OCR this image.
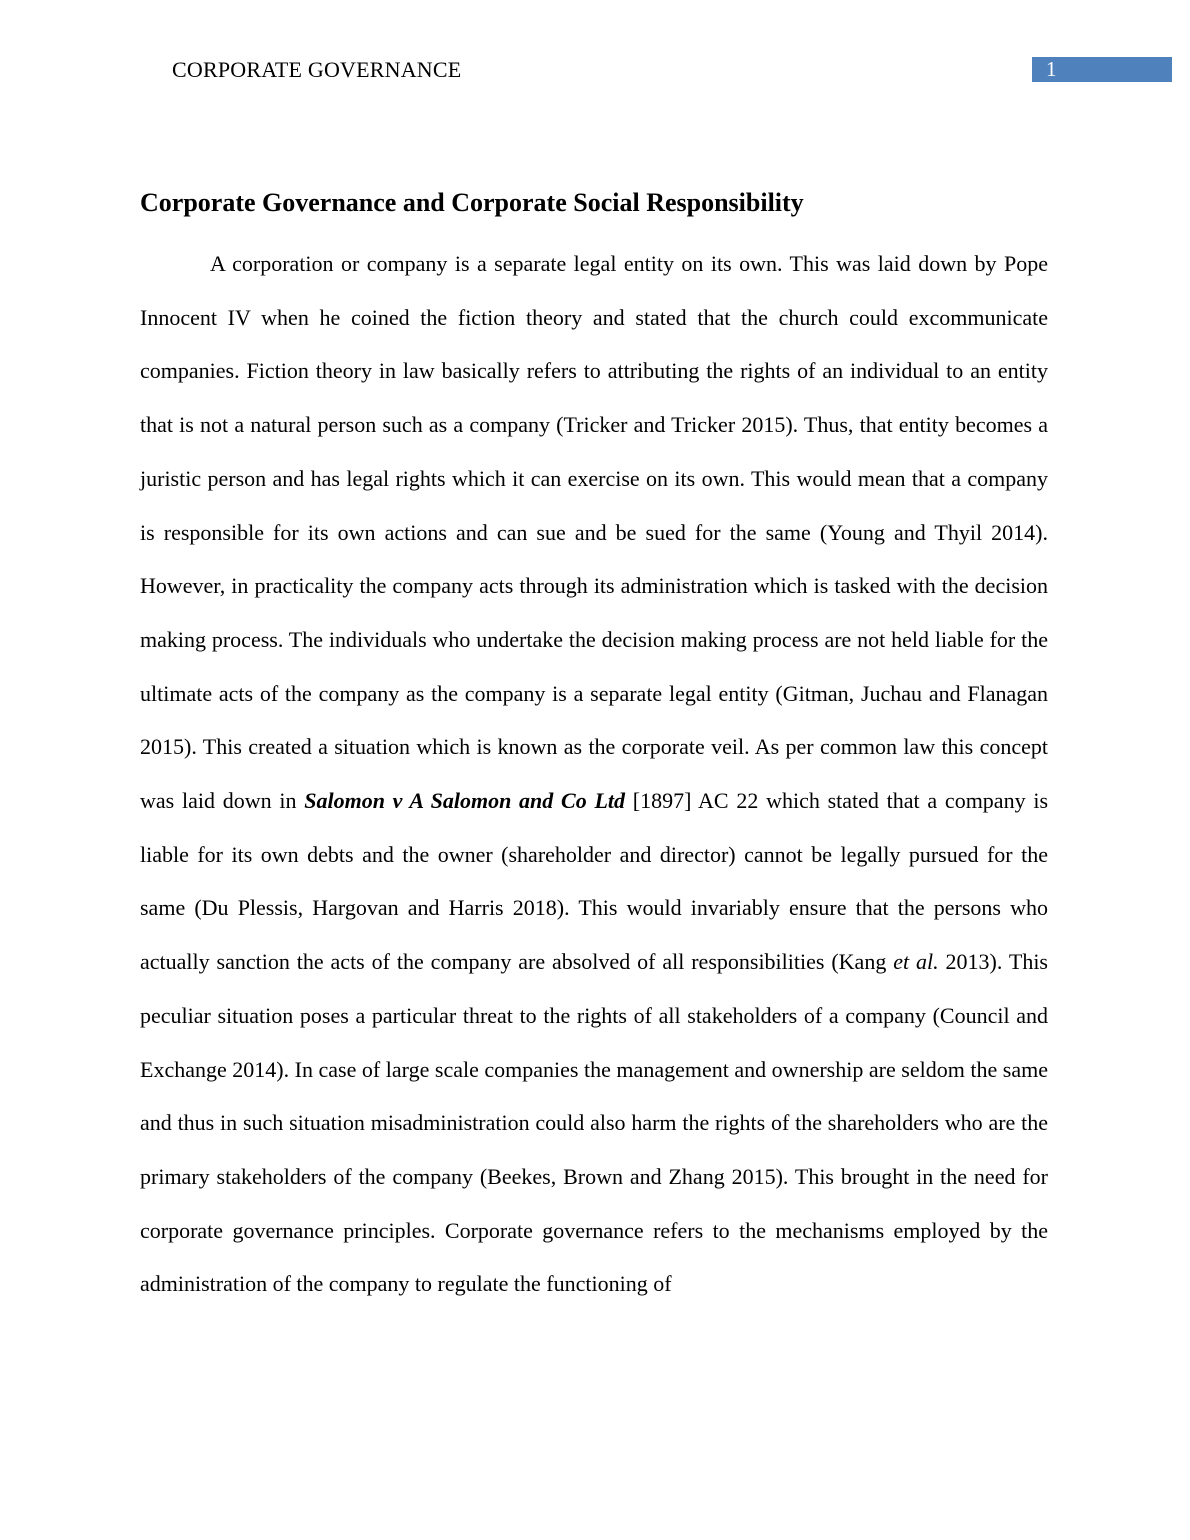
CORPORATE GOVERNANCE	1
Corporate Governance and Corporate Social Responsibility

A corporation or company is a separate legal entity on its own. This was laid down by Pope Innocent IV when he coined the fiction theory and stated that the church could excommunicate companies. Fiction theory in law basically refers to attributing the rights of an individual to an entity that is not a natural person such as a company (Tricker and Tricker 2015). Thus, that entity becomes a juristic person and has legal rights which it can exercise on its own. This would mean that a company is responsible for its own actions and can sue and be sued for the same (Young and Thyil 2014). However, in practicality the company acts through its administration which is tasked with the decision making process. The individuals who undertake the decision making process are not held liable for the ultimate acts of the company as the company is a separate legal entity (Gitman, Juchau and Flanagan 2015). This created a situation which is known as the corporate veil. As per common law this concept was laid down in Salomon v A Salomon and Co Ltd [1897] AC 22 which stated that a company is liable for its own debts and the owner (shareholder and director) cannot be legally pursued for the same (Du Plessis, Hargovan and Harris 2018). This would invariably ensure that the persons who actually sanction the acts of the company are absolved of all responsibilities (Kang et al. 2013). This peculiar situation poses a particular threat to the rights of all stakeholders of a company (Council and Exchange 2014). In case of large scale companies the management and ownership are seldom the same and thus in such situation misadministration could also harm the rights of the shareholders who are the primary stakeholders of the company (Beekes, Brown and Zhang 2015). This brought in the need for corporate governance principles. Corporate governance refers to the mechanisms employed by the administration of the company to regulate the functioning of
